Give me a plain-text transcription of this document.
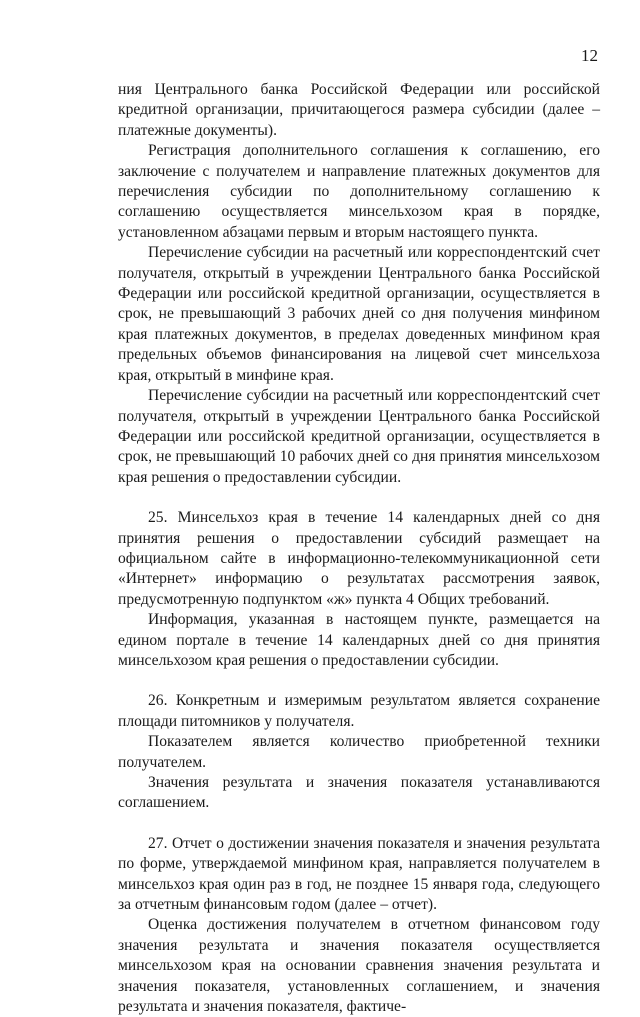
12

ния Центрального банка Российской Федерации или российской кредитной организации, причитающегося размера субсидии (далее – платежные документы).

Регистрация дополнительного соглашения к соглашению, его заключение с получателем и направление платежных документов для перечисления субсидии по дополнительному соглашению к соглашению осуществляется минсельхозом края в порядке, установленном абзацами первым и вторым настоящего пункта.

Перечисление субсидии на расчетный или корреспондентский счет получателя, открытый в учреждении Центрального банка Российской Федерации или российской кредитной организации, осуществляется в срок, не превышающий 3 рабочих дней со дня получения минфином края платежных документов, в пределах доведенных минфином края предельных объемов финансирования на лицевой счет минсельхоза края, открытый в минфине края.

Перечисление субсидии на расчетный или корреспондентский счет получателя, открытый в учреждении Центрального банка Российской Федерации или российской кредитной организации, осуществляется в срок, не превышающий 10 рабочих дней со дня принятия минсельхозом края решения о предоставлении субсидии.

25. Минсельхоз края в течение 14 календарных дней со дня принятия решения о предоставлении субсидий размещает на официальном сайте в информационно-телекоммуникационной сети «Интернет» информацию о результатах рассмотрения заявок, предусмотренную подпунктом «ж» пункта 4 Общих требований.

Информация, указанная в настоящем пункте, размещается на едином портале в течение 14 календарных дней со дня принятия минсельхозом края решения о предоставлении субсидии.

26. Конкретным и измеримым результатом является сохранение площади питомников у получателя.

Показателем является количество приобретенной техники получателем.

Значения результата и значения показателя устанавливаются соглашением.

27. Отчет о достижении значения показателя и значения результата по форме, утверждаемой минфином края, направляется получателем в минсельхоз края один раз в год, не позднее 15 января года, следующего за отчетным финансовым годом (далее – отчет).

Оценка достижения получателем в отчетном финансовом году значения результата и значения показателя осуществляется минсельхозом края на основании сравнения значения результата и значения показателя, установленных соглашением, и значения результата и значения показателя, фактиче-
